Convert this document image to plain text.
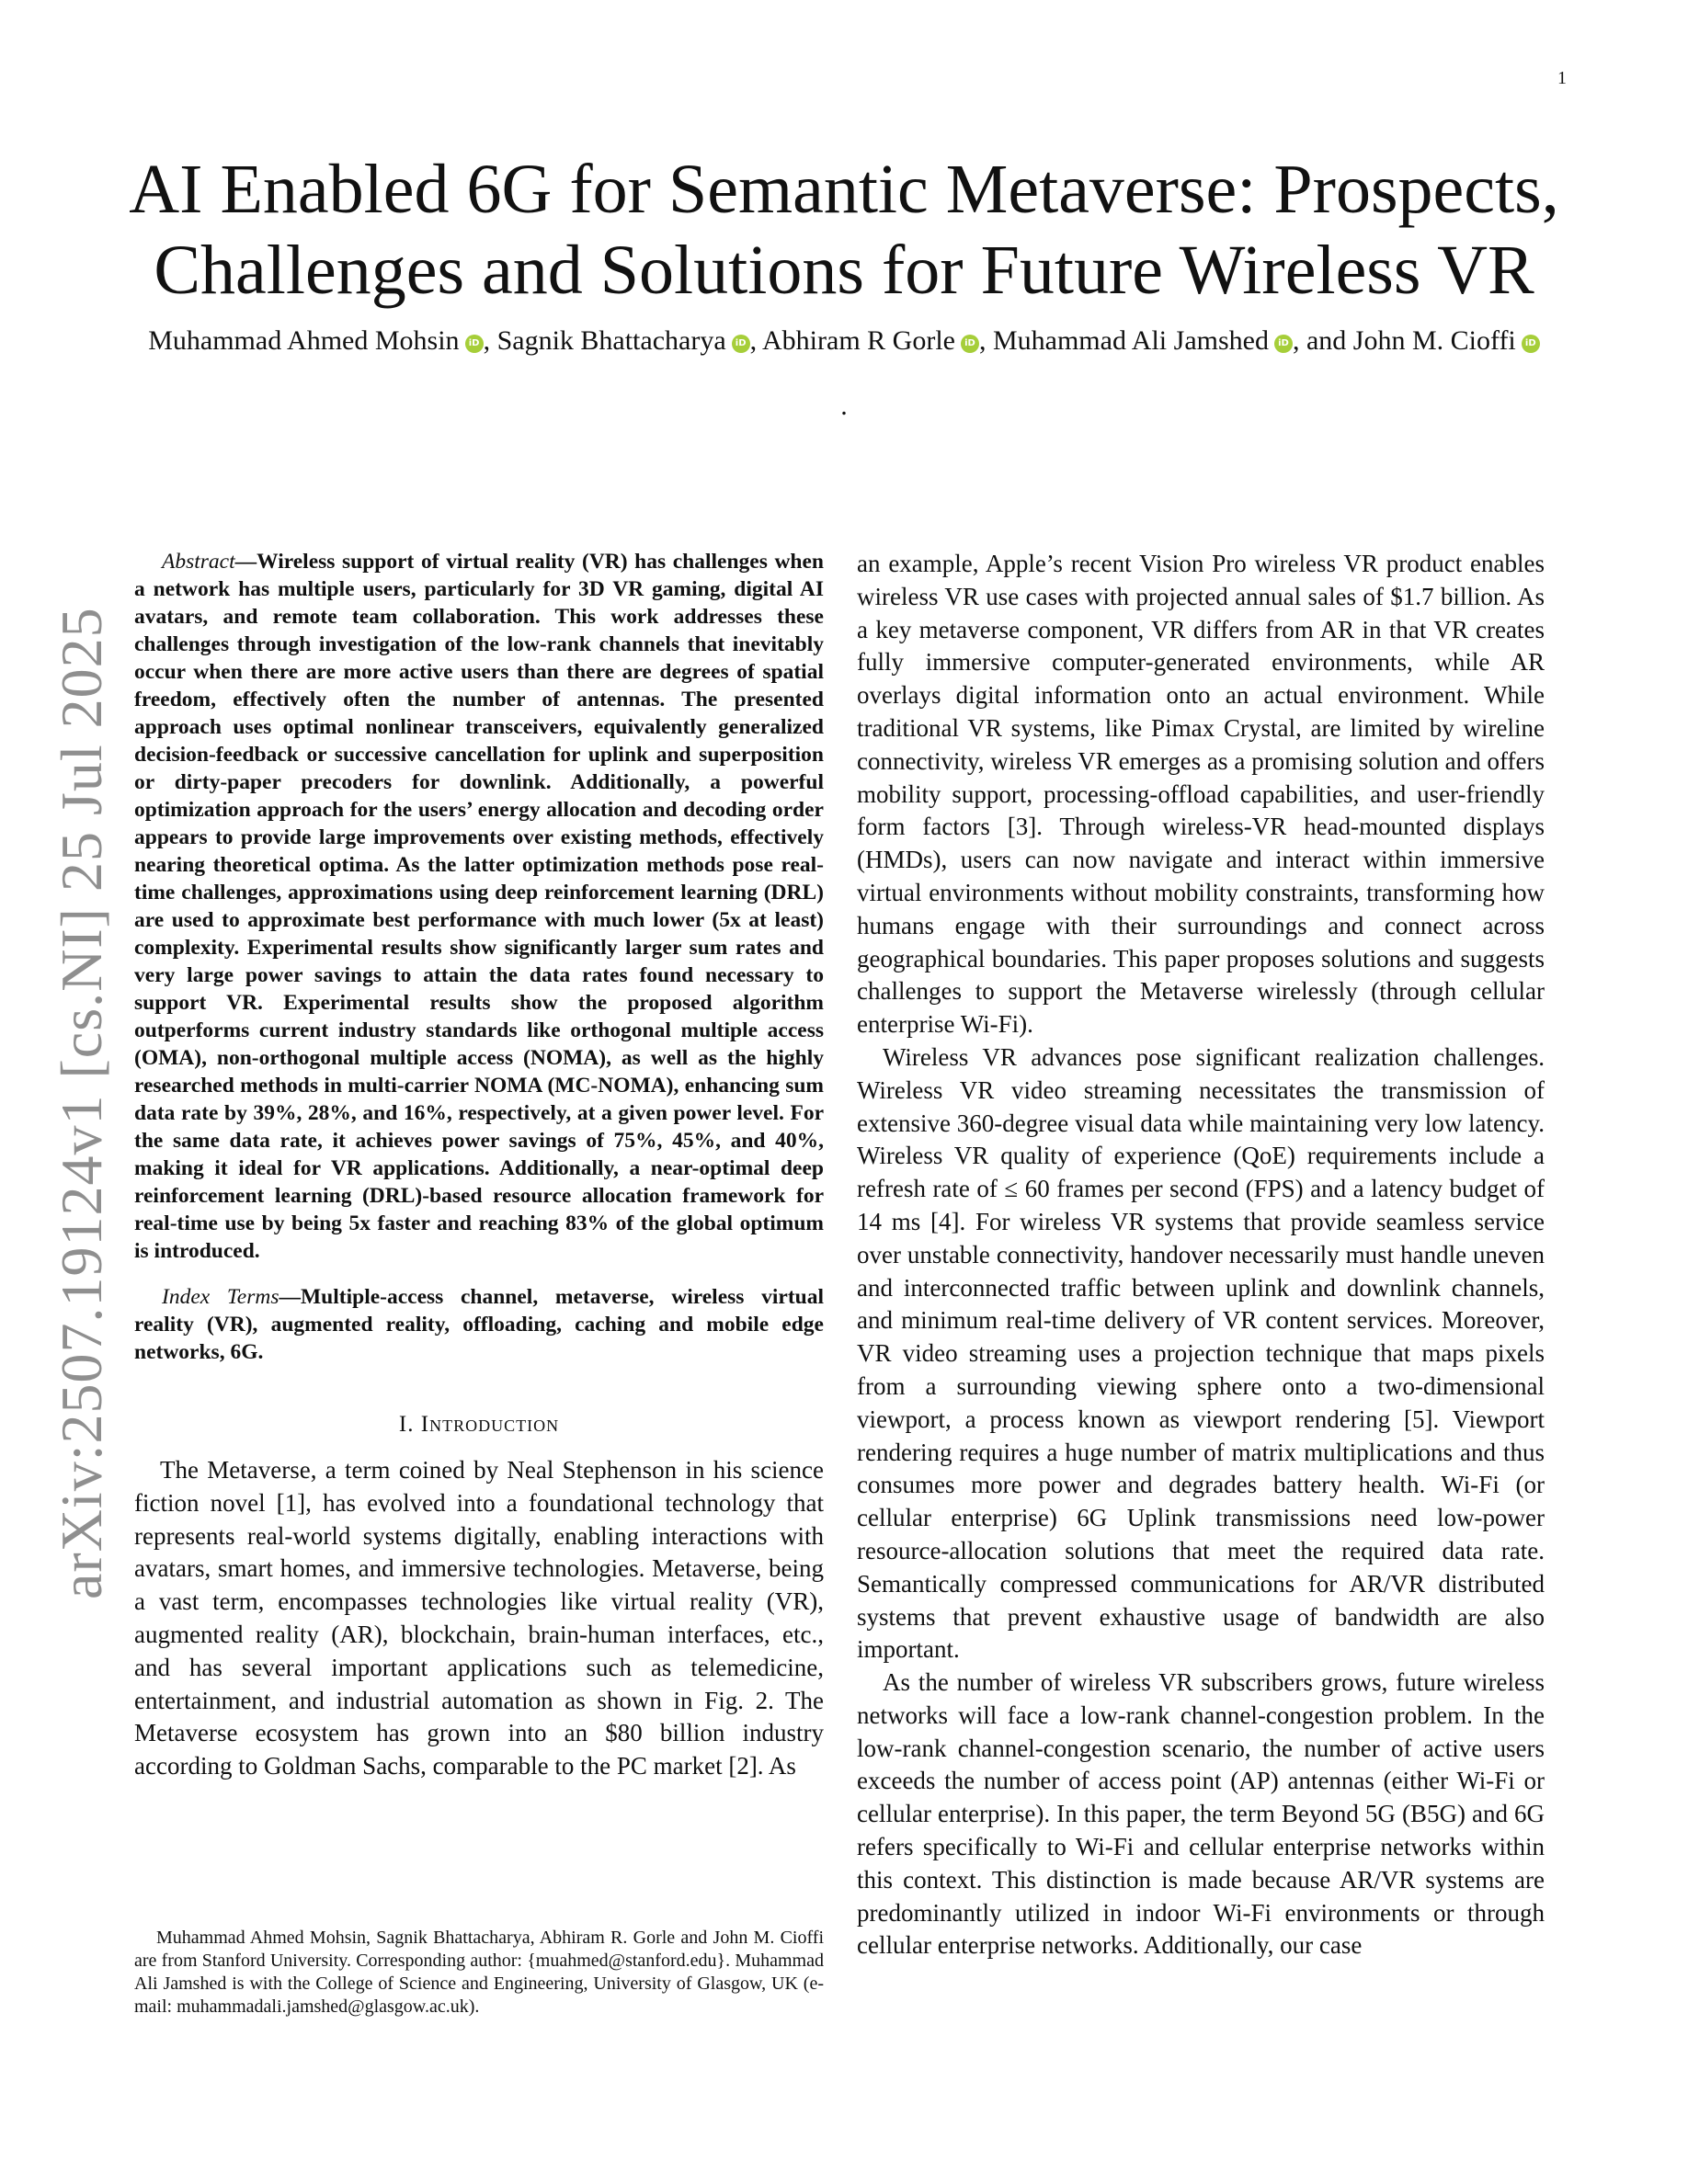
1
arXiv:2507.19124v1 [cs.NI] 25 Jul 2025
AI Enabled 6G for Semantic Metaverse: Prospects,
Challenges and Solutions for Future Wireless VR
Muhammad Ahmed Mohsin iD , Sagnik Bhattacharya iD , Abhiram R Gorle iD , Muhammad Ali Jamshed iD , and John M. Cioffi iD
.

Abstract—Wireless support of virtual reality (VR) has challenges when a network has multiple users, particularly for 3D VR gaming, digital AI avatars, and remote team collaboration. This work addresses these challenges through investigation of the low-rank channels that inevitably occur when there are more active users than there are degrees of spatial freedom, effectively often the number of antennas. The presented approach uses optimal nonlinear transceivers, equivalently generalized decision-feedback or successive cancellation for uplink and superposition or dirty-paper precoders for downlink. Additionally, a powerful optimization approach for the users’ energy allocation and decoding order appears to provide large improvements over existing methods, effectively nearing theoretical optima. As the latter optimization methods pose real-time challenges, approximations using deep reinforcement learning (DRL) are used to approximate best performance with much lower (5x at least) complexity. Experimental results show significantly larger sum rates and very large power savings to attain the data rates found necessary to support VR. Experimental results show the proposed algorithm outperforms current industry standards like orthogonal multiple access (OMA), non-orthogonal multiple access (NOMA), as well as the highly researched methods in multi-carrier NOMA (MC-NOMA), enhancing sum data rate by 39%, 28%, and 16%, respectively, at a given power level. For the same data rate, it achieves power savings of 75%, 45%, and 40%, making it ideal for VR applications. Additionally, a near-optimal deep reinforcement learning (DRL)-based resource allocation framework for real-time use by being 5x faster and reaching 83% of the global optimum is introduced.

Index Terms—Multiple-access channel, metaverse, wireless virtual reality (VR), augmented reality, offloading, caching and mobile edge networks, 6G.

I. Introduction

The Metaverse, a term coined by Neal Stephenson in his science fiction novel [1], has evolved into a foundational technology that represents real-world systems digitally, enabling interactions with avatars, smart homes, and immersive technologies. Metaverse, being a vast term, encompasses technologies like virtual reality (VR), augmented reality (AR), blockchain, brain-human interfaces, etc., and has several important applications such as telemedicine, entertainment, and industrial automation as shown in Fig. 2. The Metaverse ecosystem has grown into an $80 billion industry according to Goldman Sachs, comparable to the PC market [2]. As

an example, Apple’s recent Vision Pro wireless VR product enables wireless VR use cases with projected annual sales of $1.7 billion. As a key metaverse component, VR differs from AR in that VR creates fully immersive computer-generated environments, while AR overlays digital information onto an actual environment. While traditional VR systems, like Pimax Crystal, are limited by wireline connectivity, wireless VR emerges as a promising solution and offers mobility support, processing-offload capabilities, and user-friendly form factors [3]. Through wireless-VR head-mounted displays (HMDs), users can now navigate and interact within immersive virtual environments without mobility constraints, transforming how humans engage with their surroundings and connect across geographical boundaries. This paper proposes solutions and suggests challenges to support the Metaverse wirelessly (through cellular enterprise Wi-Fi).

Wireless VR advances pose significant realization challenges. Wireless VR video streaming necessitates the transmission of extensive 360-degree visual data while maintaining very low latency. Wireless VR quality of experience (QoE) requirements include a refresh rate of ≤ 60 frames per second (FPS) and a latency budget of 14 ms [4]. For wireless VR systems that provide seamless service over unstable connectivity, handover necessarily must handle uneven and interconnected traffic between uplink and downlink channels, and minimum real-time delivery of VR content services. Moreover, VR video streaming uses a projection technique that maps pixels from a surrounding viewing sphere onto a two-dimensional viewport, a process known as viewport rendering [5]. Viewport rendering requires a huge number of matrix multiplications and thus consumes more power and degrades battery health. Wi-Fi (or cellular enterprise) 6G Uplink transmissions need low-power resource-allocation solutions that meet the required data rate. Semantically compressed communications for AR/VR distributed systems that prevent exhaustive usage of bandwidth are also important.

As the number of wireless VR subscribers grows, future wireless networks will face a low-rank channel-congestion problem. In the low-rank channel-congestion scenario, the number of active users exceeds the number of access point (AP) antennas (either Wi-Fi or cellular enterprise). In this paper, the term Beyond 5G (B5G) and 6G refers specifically to Wi-Fi and cellular enterprise networks within this context. This distinction is made because AR/VR systems are predominantly utilized in indoor Wi-Fi environments or through cellular enterprise networks. Additionally, our case

Muhammad Ahmed Mohsin, Sagnik Bhattacharya, Abhiram R. Gorle and John M. Cioffi are from Stanford University. Corresponding author: {muahmed@stanford.edu}. Muhammad Ali Jamshed is with the College of Science and Engineering, University of Glasgow, UK (e-mail: muhammadali.jamshed@glasgow.ac.uk).
